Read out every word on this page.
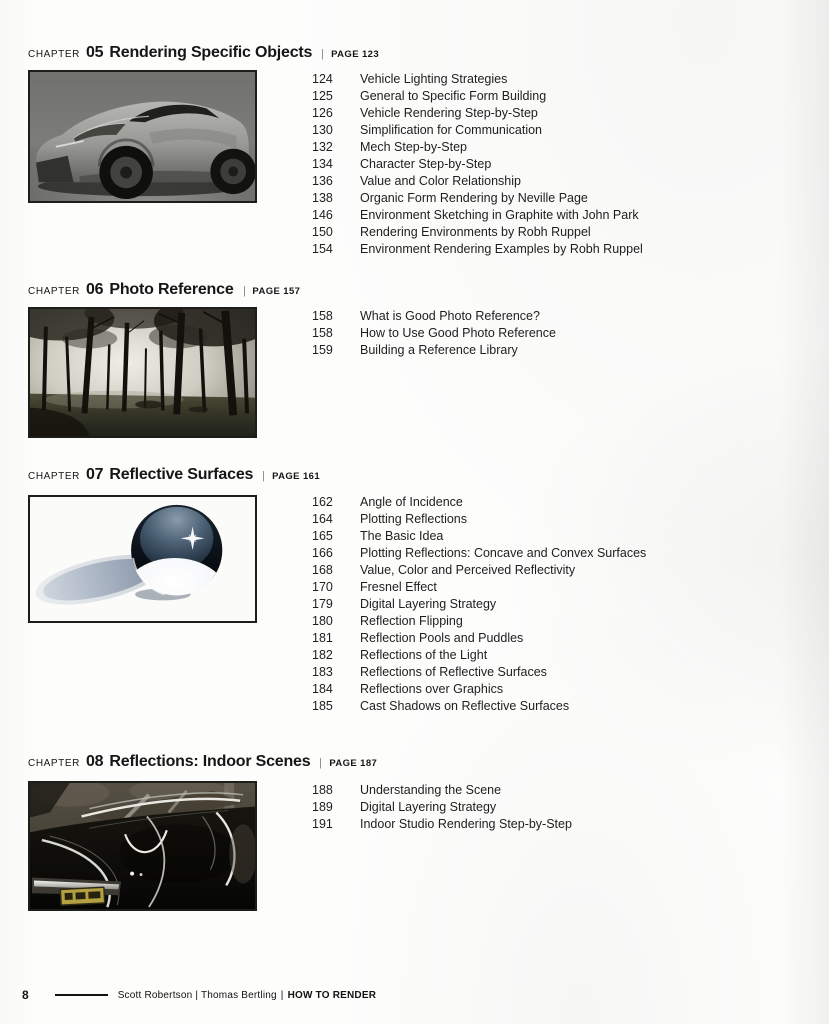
CHAPTER 05 Rendering Specific Objects | PAGE 123
124 Vehicle Lighting Strategies
125 General to Specific Form Building
126 Vehicle Rendering Step-by-Step
130 Simplification for Communication
132 Mech Step-by-Step
134 Character Step-by-Step
136 Value and Color Relationship
138 Organic Form Rendering by Neville Page
146 Environment Sketching in Graphite with John Park
150 Rendering Environments by Robh Ruppel
154 Environment Rendering Examples by Robh Ruppel
CHAPTER 06 Photo Reference | PAGE 157
158 What is Good Photo Reference?
158 How to Use Good Photo Reference
159 Building a Reference Library
CHAPTER 07 Reflective Surfaces | PAGE 161
162 Angle of Incidence
164 Plotting Reflections
165 The Basic Idea
166 Plotting Reflections: Concave and Convex Surfaces
168 Value, Color and Perceived Reflectivity
170 Fresnel Effect
179 Digital Layering Strategy
180 Reflection Flipping
181 Reflection Pools and Puddles
182 Reflections of the Light
183 Reflections of Reflective Surfaces
184 Reflections over Graphics
185 Cast Shadows on Reflective Surfaces
CHAPTER 08 Reflections: Indoor Scenes | PAGE 187
188 Understanding the Scene
189 Digital Layering Strategy
191 Indoor Studio Rendering Step-by-Step
8	Scott Robertson | Thomas Bertling | HOW TO RENDER
